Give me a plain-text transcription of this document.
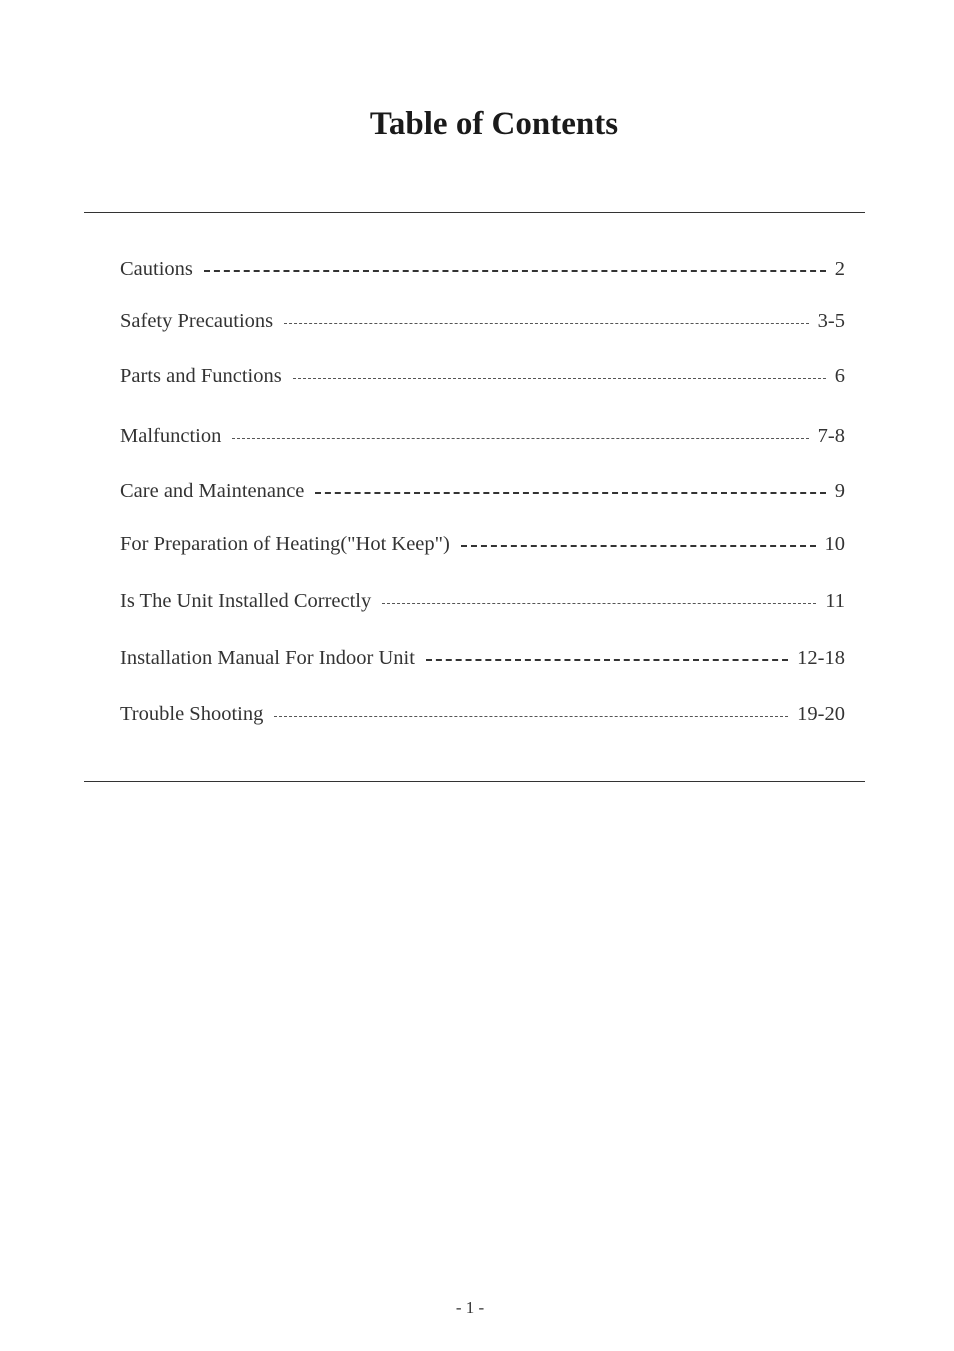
Table of Contents
Cautions	2
Safety Precautions	3-5
Parts and Functions	6
Malfunction	7-8
Care and Maintenance	9
For Preparation of Heating("Hot Keep")	10
Is The Unit Installed Correctly	11
Installation Manual For Indoor Unit	12-18
Trouble Shooting	19-20
- 1 -
